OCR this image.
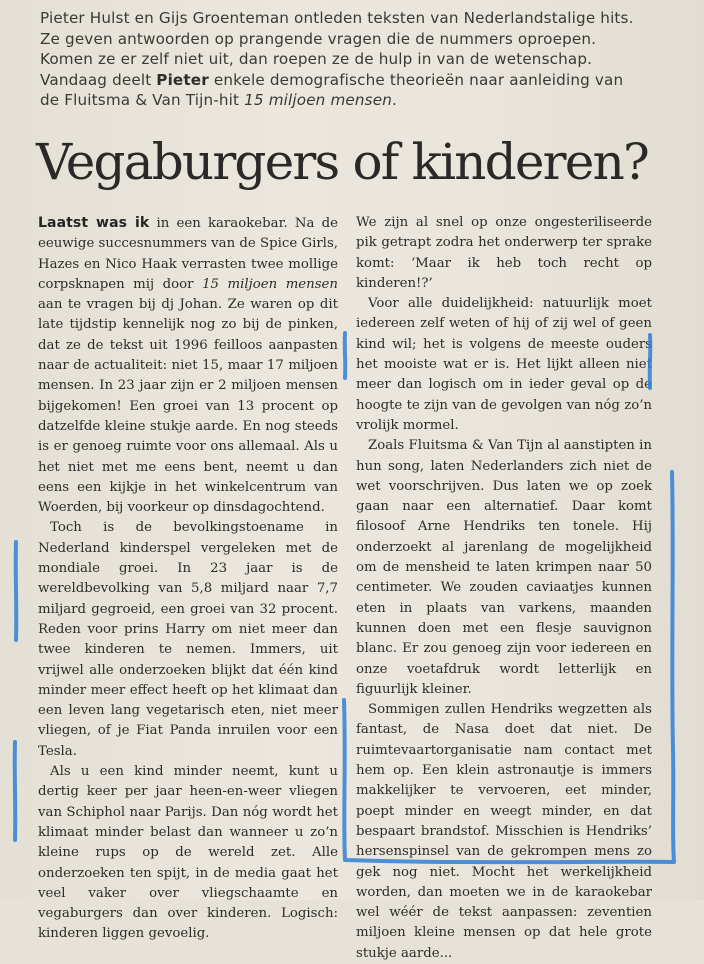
Pieter Hulst en Gijs Groenteman ontleden teksten van Nederlandstalige hits.

Ze geven antwoorden op prangende vragen die de nummers oproepen.

Komen ze er zelf niet uit, dan roepen ze de hulp in van de wetenschap.

Vandaag deelt Pieter enkele demografische theorieën naar aanleiding van

de Fluitsma & Van Tijn-hit 15 miljoen mensen.

Vegaburgers of kinderen?

Laatst was ik in een karaokebar. Na de eeuwige succesnummers van de Spice Girls, Hazes en Nico Haak verrasten twee mollige corpsknapen mij door 15 miljoen mensen aan te vragen bij dj Johan. Ze waren op dit late tijdstip kennelijk nog zo bij de pinken, dat ze de tekst uit 1996 feilloos aanpasten naar de actualiteit: niet 15, maar 17 miljoen mensen. In 23 jaar zijn er 2 miljoen mensen bijgekomen! Een groei van 13 procent op datzelfde kleine stukje aarde. En nog steeds is er genoeg ruimte voor ons allemaal. Als u het niet met me eens bent, neemt u dan eens een kijkje in het winkelcentrum van Woerden, bij voorkeur op dinsdagochtend.

Toch is de bevolkingstoename in Nederland kinderspel vergeleken met de mondiale groei. In 23 jaar is de wereldbevolking van 5,8 miljard naar 7,7 miljard gegroeid, een groei van 32 procent. Reden voor prins Harry om niet meer dan twee kinderen te nemen. Immers, uit vrijwel alle onderzoeken blijkt dat één kind minder meer effect heeft op het klimaat dan een leven lang vegetarisch eten, niet meer vliegen, of je Fiat Panda inruilen voor een Tesla.

Als u een kind minder neemt, kunt u dertig keer per jaar heen-en-weer vliegen van Schiphol naar Parijs. Dan nóg wordt het klimaat minder belast dan wanneer u zo’n kleine rups op de wereld zet. Alle onderzoeken ten spijt, in de media gaat het veel vaker over vliegschaamte en vegaburgers dan over kinderen. Logisch: kinderen liggen gevoelig.

We zijn al snel op onze ongesteriliseerde pik getrapt zodra het onderwerp ter sprake komt: ‘Maar ik heb toch recht op kinderen!?’

Voor alle duidelijkheid: natuurlijk moet iedereen zelf weten of hij of zij wel of geen kind wil; het is volgens de meeste ouders het mooiste wat er is. Het lijkt alleen niet meer dan logisch om in ieder geval op de hoogte te zijn van de gevolgen van nóg zo’n vrolijk mormel.

Zoals Fluitsma & Van Tijn al aanstipten in hun song, laten Nederlanders zich niet de wet voorschrijven. Dus laten we op zoek gaan naar een alternatief. Daar komt filosoof Arne Hendriks ten tonele. Hij onderzoekt al jarenlang de mogelijkheid om de mensheid te laten krimpen naar 50 centimeter. We zouden caviaatjes kunnen eten in plaats van varkens, maanden kunnen doen met een flesje sauvignon blanc. Er zou genoeg zijn voor iedereen en onze voetafdruk wordt letterlijk en figuurlijk kleiner.

Sommigen zullen Hendriks wegzetten als fantast, de Nasa doet dat niet. De ruimtevaartorganisatie nam contact met hem op. Een klein astronautje is immers makkelijker te vervoeren, eet minder, poept minder en weegt minder, en dat bespaart brandstof. Misschien is Hendriks’ hersenspinsel van de gekrompen mens zo gek nog niet. Mocht het werkelijkheid worden, dan moeten we in de karaokebar wel wéér de tekst aanpassen: zeventien miljoen kleine mensen op dat hele grote stukje aarde...
